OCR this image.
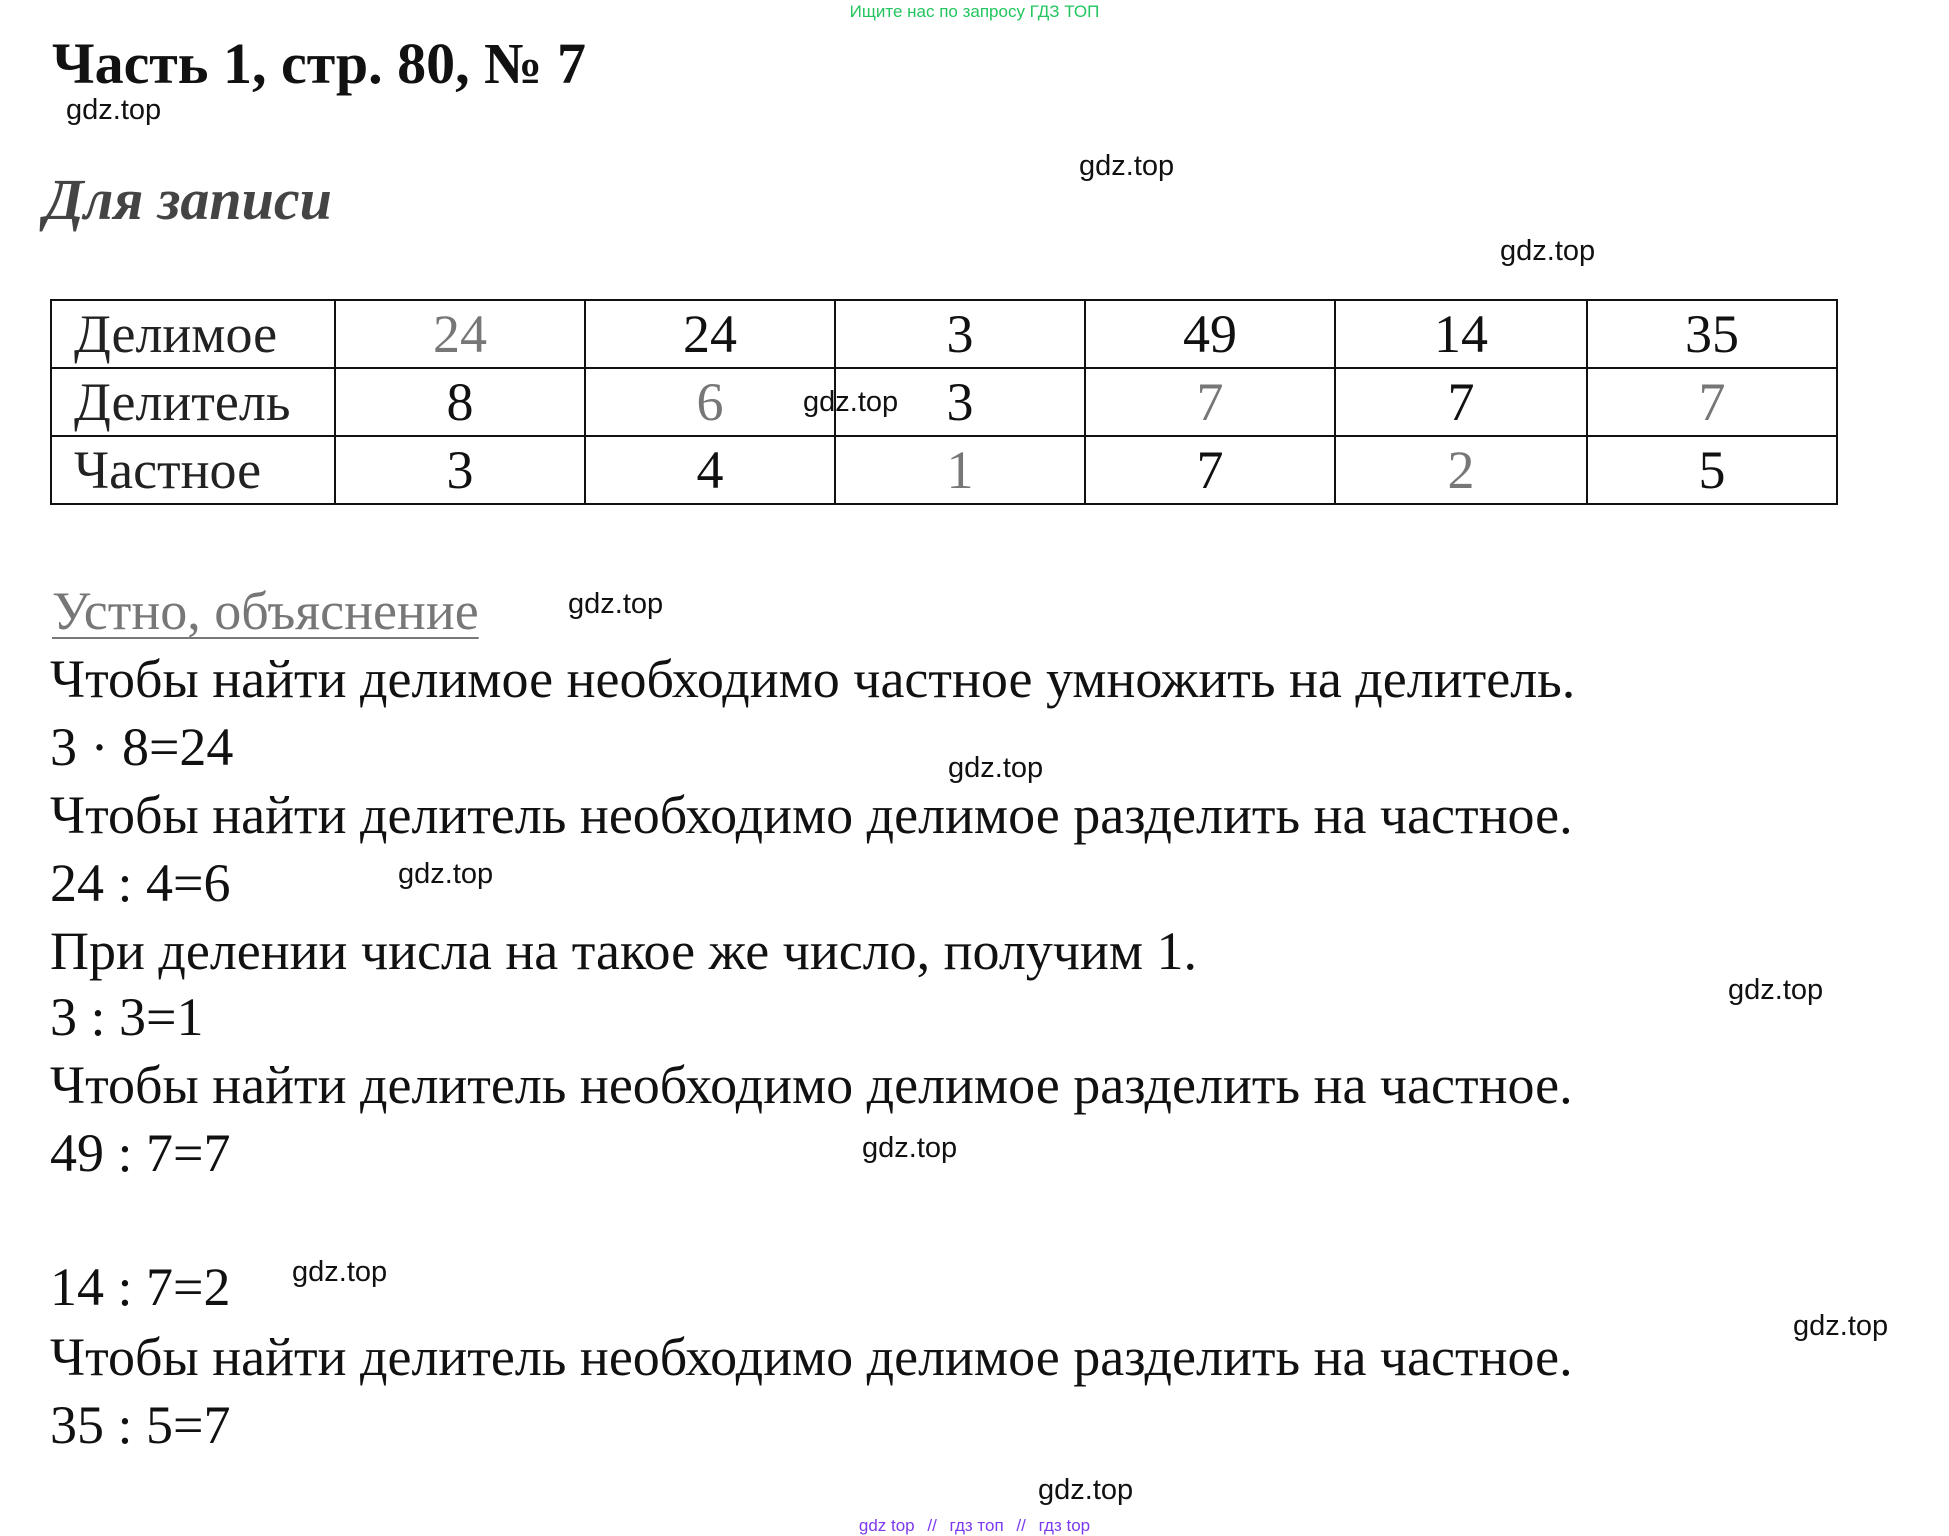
Ищите нас по запросу ГДЗ ТОП
Часть 1, стр. 80, № 7
gdz.top
gdz.top
Для записи
gdz.top
Делимое	24	24	3	49	14	35
Делитель	8	6	3	7	7	7
Частное	3	4	1	7	2	5
gdz.top
Устно, объяснение	gdz.top
Чтобы найти делимое необходимо частное умножить на делитель.
3 · 8=24	gdz.top
Чтобы найти делитель необходимо делимое разделить на частное.
24 : 4=6	gdz.top
При делении числа на такое же число, получим 1.
gdz.top
3 : 3=1
Чтобы найти делитель необходимо делимое разделить на частное.
49 : 7=7	gdz.top
14 : 7=2 gdz.top
gdz.top
Чтобы найти делитель необходимо делимое разделить на частное.
35 : 5=7
gdz.top
gdz top // гдз топ // гдз top
